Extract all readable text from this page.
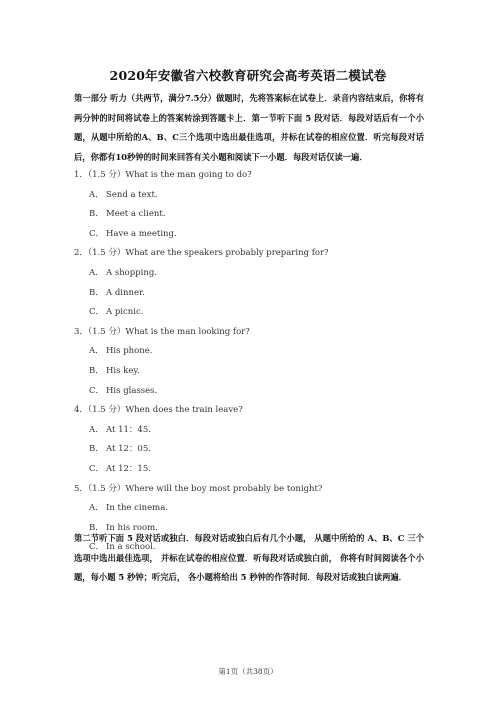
2020年安徽省六校教育研究会高考英语二模试卷
第一部分 听力（共两节，满分7.5分）做题时，先将答案标在试卷上．录音内容结束后，你将有两分钟的时间将试卷上的答案转涂到答题卡上．第一节听下面 5 段对话．每段对话后有一个小题，从题中所给的A、B、C三个选项中选出最佳选项，并标在试卷的相应位置．听完每段对话后，你都有10秒钟的时间来回答有关小题和阅读下一小题．每段对话仅读一遍．
1．（1.5 分）What is the man going to do?
A． Send a text.
B． Meet a client.
C． Have a meeting.
2．（1.5 分）What are the speakers probably preparing for?
A． A shopping.
B． A dinner.
C． A picnic.
3．（1.5 分）What is the man looking for?
A． His phone.
B． His key.
C． His glasses.
4．（1.5 分）When does the train leave?
A． At 11：45.
B． At 12：05.
C． At 12：15.
5．（1.5 分）Where will the boy most probably be tonight?
A． In the cinema.
B． In his room.
C． In a school.
第二节听下面 5 段对话或独白．每段对话或独白后有几个小题， 从题中所给的 A、B、C 三个选项中选出最佳选项， 并标在试卷的相应位置．听每段对话或独白前， 你将有时间阅读各个小题，每小题 5 秒钟；听完后， 各小题将给出 5 秒钟的作答时间．每段对话或独白读两遍．
第1页（共38页）
